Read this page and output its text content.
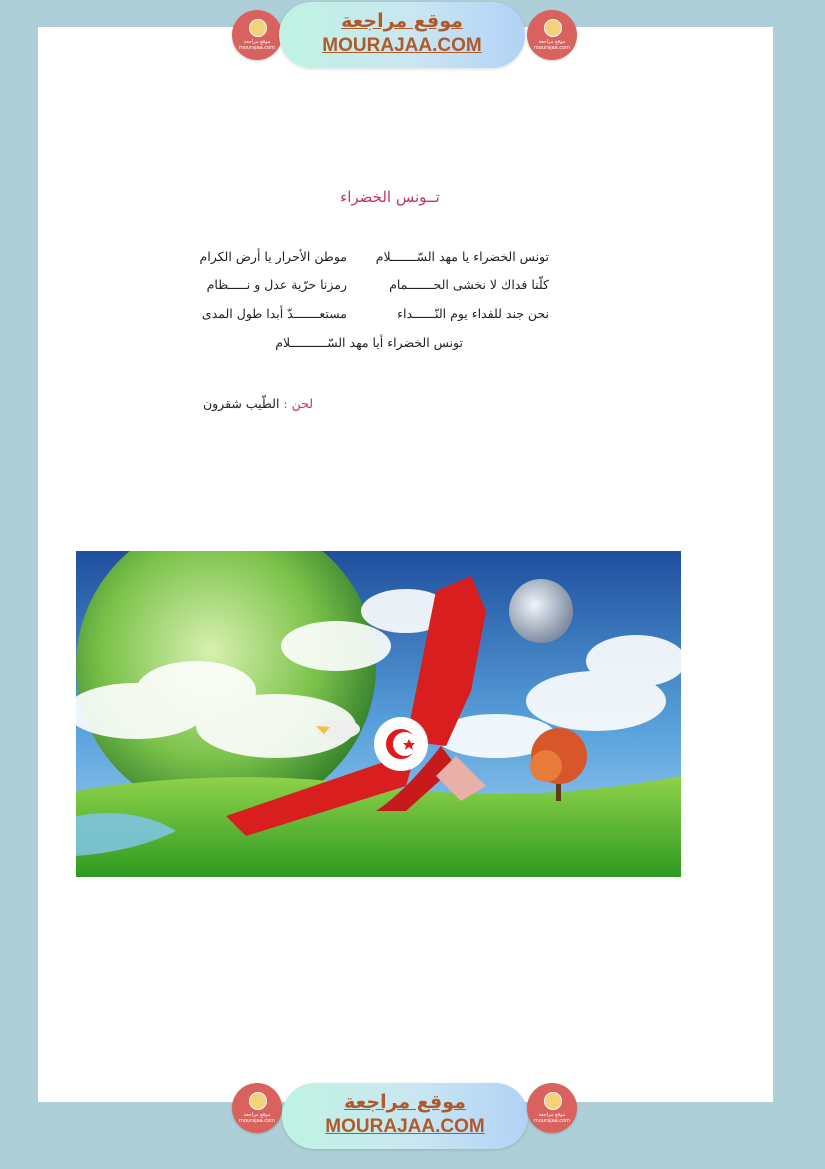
موقع مراجعة
mourajaa.com
موقع مراجعة
MOURAJAA.COM	موقع مراجعة
mourajaa.com
تــونس الخضراء
تونس الخضراء يا مهد السّـــــــلام
موطن الأحرار يا أرض الكرام
كلّنا فداك لا نخشى الحـــــــمام
رمزنا حرّية عدل و نـــــظام
نحن جند للفداء يوم النّــــــداء
مستعـــــــدّ أبدا طول المدى
تونس الخضراء أيا مهد السّــــــــــلام
لحن : الطّيب شقرون
موقع مراجعة
mourajaa.com
موقع مراجعة
MOURAJAA.COM
موقع مراجعة
mourajaa.com
